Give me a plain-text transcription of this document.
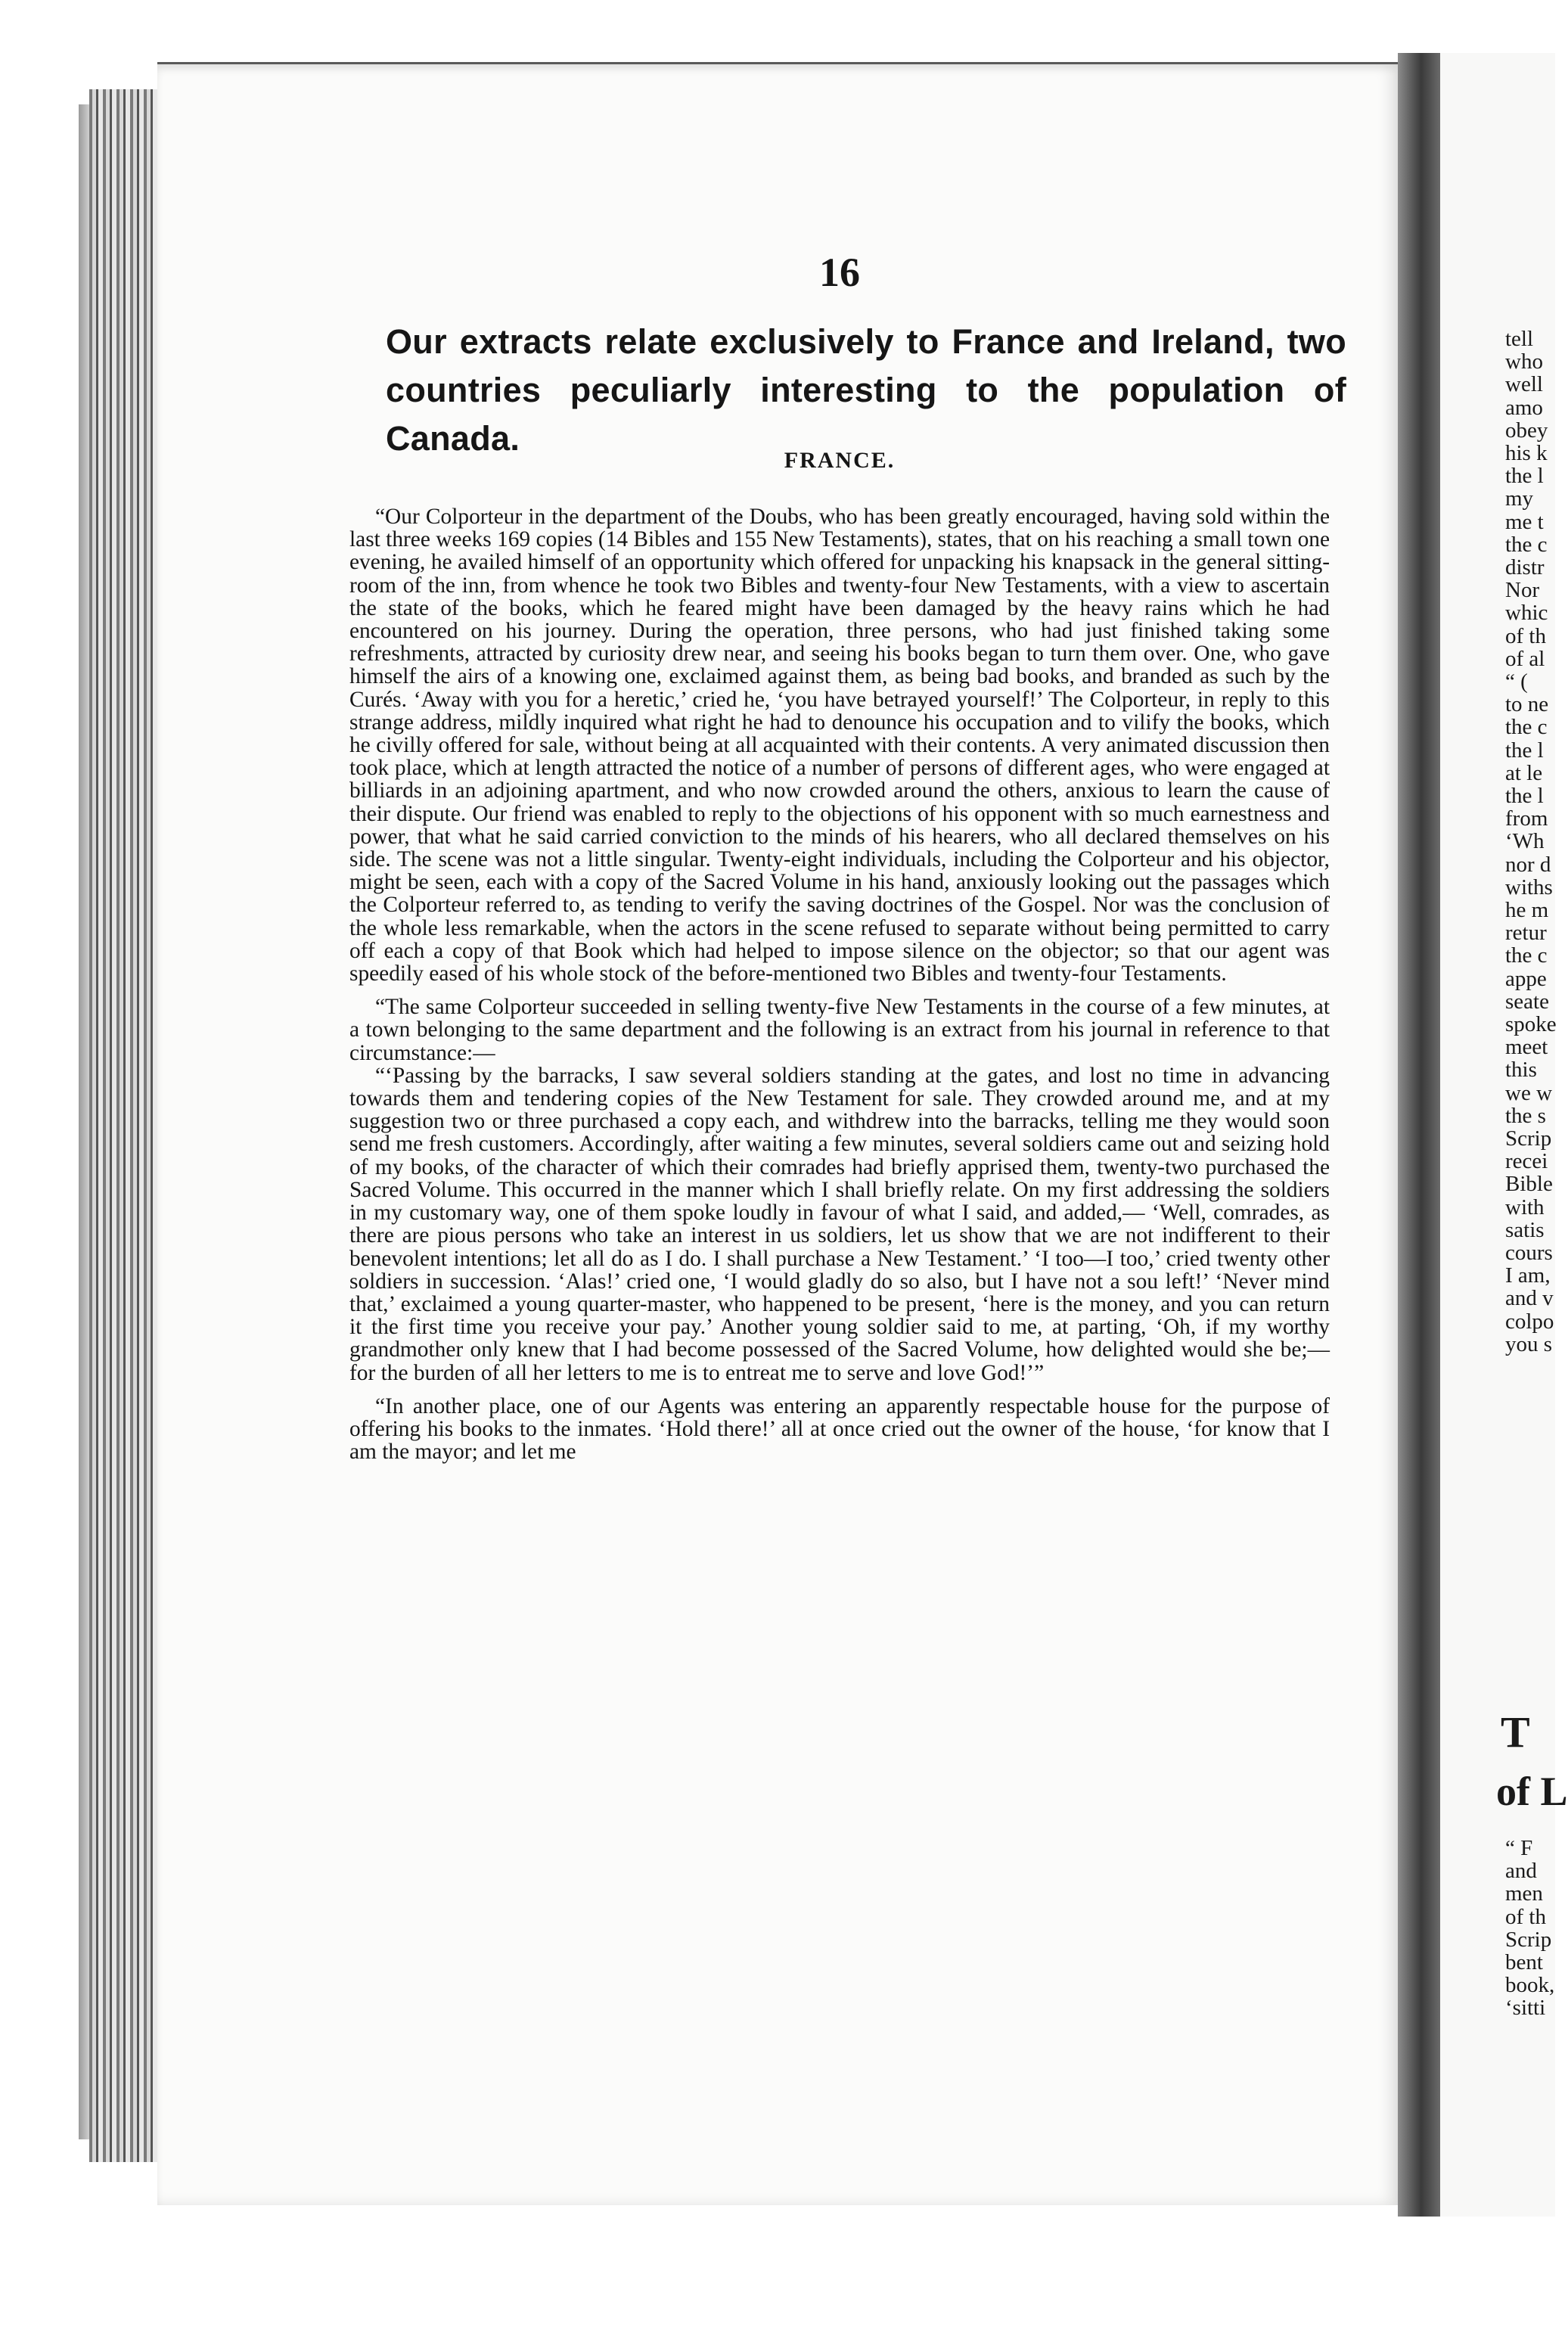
16
Our extracts relate exclusively to France and Ireland, two countries peculiarly interesting to the population of Canada.
FRANCE.

“Our Colporteur in the department of the Doubs, who has been greatly encouraged, having sold within the last three weeks 169 copies (14 Bibles and 155 New Testaments), states, that on his reaching a small town one evening, he availed himself of an opportunity which offered for unpacking his knapsack in the general sitting-room of the inn, from whence he took two Bibles and twenty-four New Testaments, with a view to ascertain the state of the books, which he feared might have been damaged by the heavy rains which he had encountered on his journey. During the operation, three persons, who had just finished taking some refreshments, attracted by curiosity drew near, and seeing his books began to turn them over. One, who gave himself the airs of a knowing one, exclaimed against them, as being bad books, and branded as such by the Curés. ‘Away with you for a heretic,’ cried he, ‘you have betrayed yourself!’ The Colporteur, in reply to this strange address, mildly inquired what right he had to denounce his occupation and to vilify the books, which he civilly offered for sale, without being at all acquainted with their contents. A very animated discussion then took place, which at length attracted the notice of a number of persons of different ages, who were engaged at billiards in an adjoining apartment, and who now crowded around the others, anxious to learn the cause of their dispute. Our friend was enabled to reply to the objections of his opponent with so much earnestness and power, that what he said carried conviction to the minds of his hearers, who all declared themselves on his side. The scene was not a little singular. Twenty-eight individuals, including the Colporteur and his objector, might be seen, each with a copy of the Sacred Volume in his hand, anxiously looking out the passages which the Colporteur referred to, as tending to verify the saving doctrines of the Gospel. Nor was the conclusion of the whole less remarkable, when the actors in the scene refused to separate without being permitted to carry off each a copy of that Book which had helped to impose silence on the objector; so that our agent was speedily eased of his whole stock of the before-mentioned two Bibles and twenty-four Testaments.

“The same Colporteur succeeded in selling twenty-five New Testaments in the course of a few minutes, at a town belonging to the same department and the following is an extract from his journal in reference to that circumstance:—

“‘Passing by the barracks, I saw several soldiers standing at the gates, and lost no time in advancing towards them and tendering copies of the New Testament for sale. They crowded around me, and at my suggestion two or three purchased a copy each, and withdrew into the barracks, telling me they would soon send me fresh customers. Accordingly, after waiting a few minutes, several soldiers came out and seizing hold of my books, of the character of which their comrades had briefly apprised them, twenty-two purchased the Sacred Volume. This occurred in the manner which I shall briefly relate. On my first addressing the soldiers in my customary way, one of them spoke loudly in favour of what I said, and added,— ‘Well, comrades, as there are pious persons who take an interest in us soldiers, let us show that we are not indifferent to their benevolent intentions; let all do as I do. I shall purchase a New Testament.’ ‘I too—I too,’ cried twenty other soldiers in succession. ‘Alas!’ cried one, ‘I would gladly do so also, but I have not a sou left!’ ‘Never mind that,’ exclaimed a young quarter-master, who happened to be present, ‘here is the money, and you can return it the first time you receive your pay.’ Another young soldier said to me, at parting, ‘Oh, if my worthy grandmother only knew that I had become possessed of the Sacred Volume, how delighted would she be;—for the burden of all her letters to me is to entreat me to serve and love God!’”

“In another place, one of our Agents was entering an apparently respectable house for the purpose of offering his books to the inmates. ‘Hold there!’ all at once cried out the owner of the house, ‘for know that I am the mayor; and let me

tell
who
well
amo
obey
his k
the l
my
me t
the c
distr
Nor
whic
of th
of al
“ (
to ne
the c
the l
at le
the l
from
‘Wh
nor d
withs
he m
retur
the c
appe
seate
spoke
meet
this
we w
the s
Scrip
recei
Bible
with
satis
cours
I am,
and v
colpo
you s
T
of L
“ F
and
men
of th
Scrip
bent
book,
‘sitti
